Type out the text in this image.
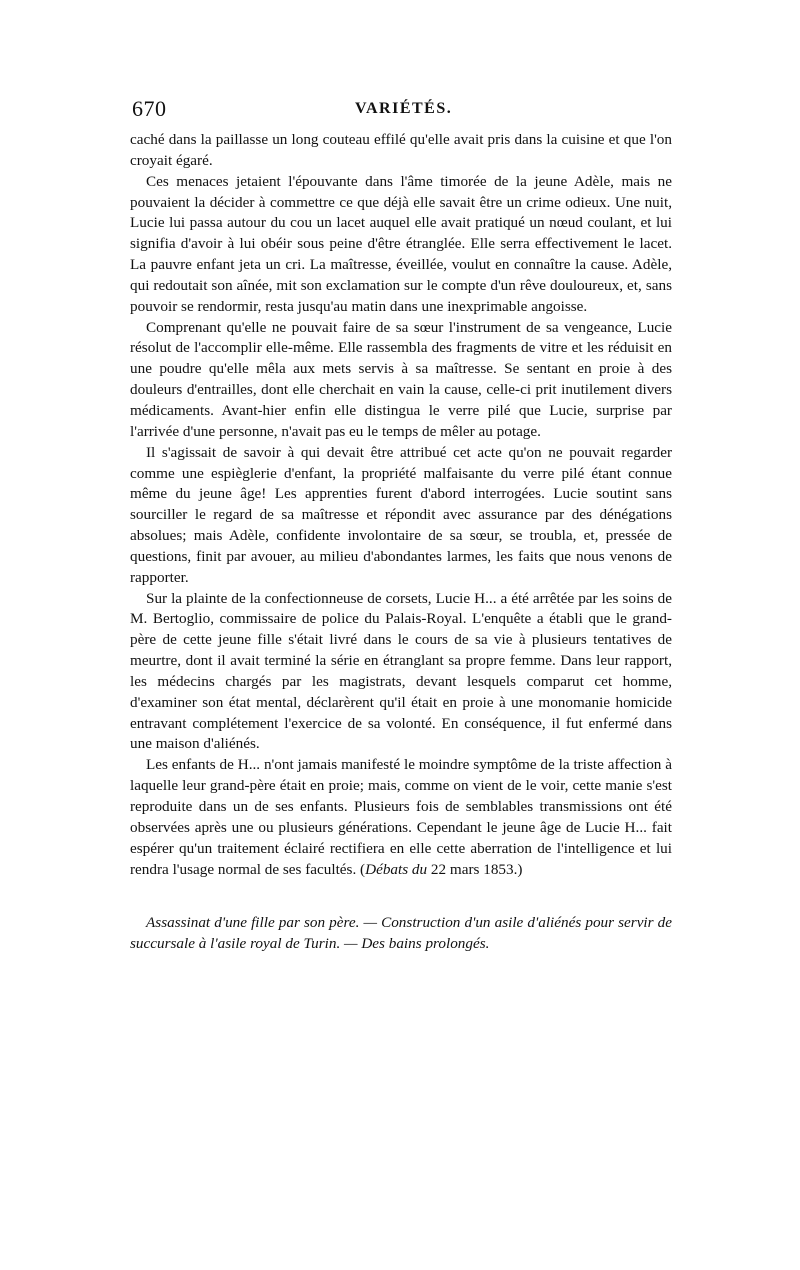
670	VARIÉTÉS.

caché dans la paillasse un long couteau effilé qu'elle avait pris dans la cuisine et que l'on croyait égaré.

Ces menaces jetaient l'épouvante dans l'âme timorée de la jeune Adèle, mais ne pouvaient la décider à commettre ce que déjà elle savait être un crime odieux. Une nuit, Lucie lui passa autour du cou un lacet auquel elle avait pratiqué un nœud coulant, et lui signifia d'avoir à lui obéir sous peine d'être étranglée. Elle serra effectivement le lacet. La pauvre enfant jeta un cri. La maîtresse, éveillée, voulut en connaître la cause. Adèle, qui redoutait son aînée, mit son exclamation sur le compte d'un rêve douloureux, et, sans pouvoir se rendormir, resta jusqu'au matin dans une inexprimable angoisse.

Comprenant qu'elle ne pouvait faire de sa sœur l'instrument de sa vengeance, Lucie résolut de l'accomplir elle-même. Elle rassembla des fragments de vitre et les réduisit en une poudre qu'elle mêla aux mets servis à sa maîtresse. Se sentant en proie à des douleurs d'entrailles, dont elle cherchait en vain la cause, celle-ci prit inutilement divers médicaments. Avant-hier enfin elle distingua le verre pilé que Lucie, surprise par l'arrivée d'une personne, n'avait pas eu le temps de mêler au potage.

Il s'agissait de savoir à qui devait être attribué cet acte qu'on ne pouvait regarder comme une espièglerie d'enfant, la propriété malfaisante du verre pilé étant connue même du jeune âge! Les apprenties furent d'abord interrogées. Lucie soutint sans sourciller le regard de sa maîtresse et répondit avec assurance par des dénégations absolues; mais Adèle, confidente involontaire de sa sœur, se troubla, et, pressée de questions, finit par avouer, au milieu d'abondantes larmes, les faits que nous venons de rapporter.

Sur la plainte de la confectionneuse de corsets, Lucie H... a été arrêtée par les soins de M. Bertoglio, commissaire de police du Palais-Royal. L'enquête a établi que le grand-père de cette jeune fille s'était livré dans le cours de sa vie à plusieurs tentatives de meurtre, dont il avait terminé la série en étranglant sa propre femme. Dans leur rapport, les médecins chargés par les magistrats, devant lesquels comparut cet homme, d'examiner son état mental, déclarèrent qu'il était en proie à une monomanie homicide entravant complétement l'exercice de sa volonté. En conséquence, il fut enfermé dans une maison d'aliénés.

Les enfants de H... n'ont jamais manifesté le moindre symptôme de la triste affection à laquelle leur grand-père était en proie; mais, comme on vient de le voir, cette manie s'est reproduite dans un de ses enfants. Plusieurs fois de semblables transmissions ont été observées après une ou plusieurs générations. Cependant le jeune âge de Lucie H... fait espérer qu'un traitement éclairé rectifiera en elle cette aberration de l'intelligence et lui rendra l'usage normal de ses facultés. (Débats du 22 mars 1853.)

Assassinat d'une fille par son père. — Construction d'un asile d'aliénés pour servir de succursale à l'asile royal de Turin. — Des bains prolongés.
